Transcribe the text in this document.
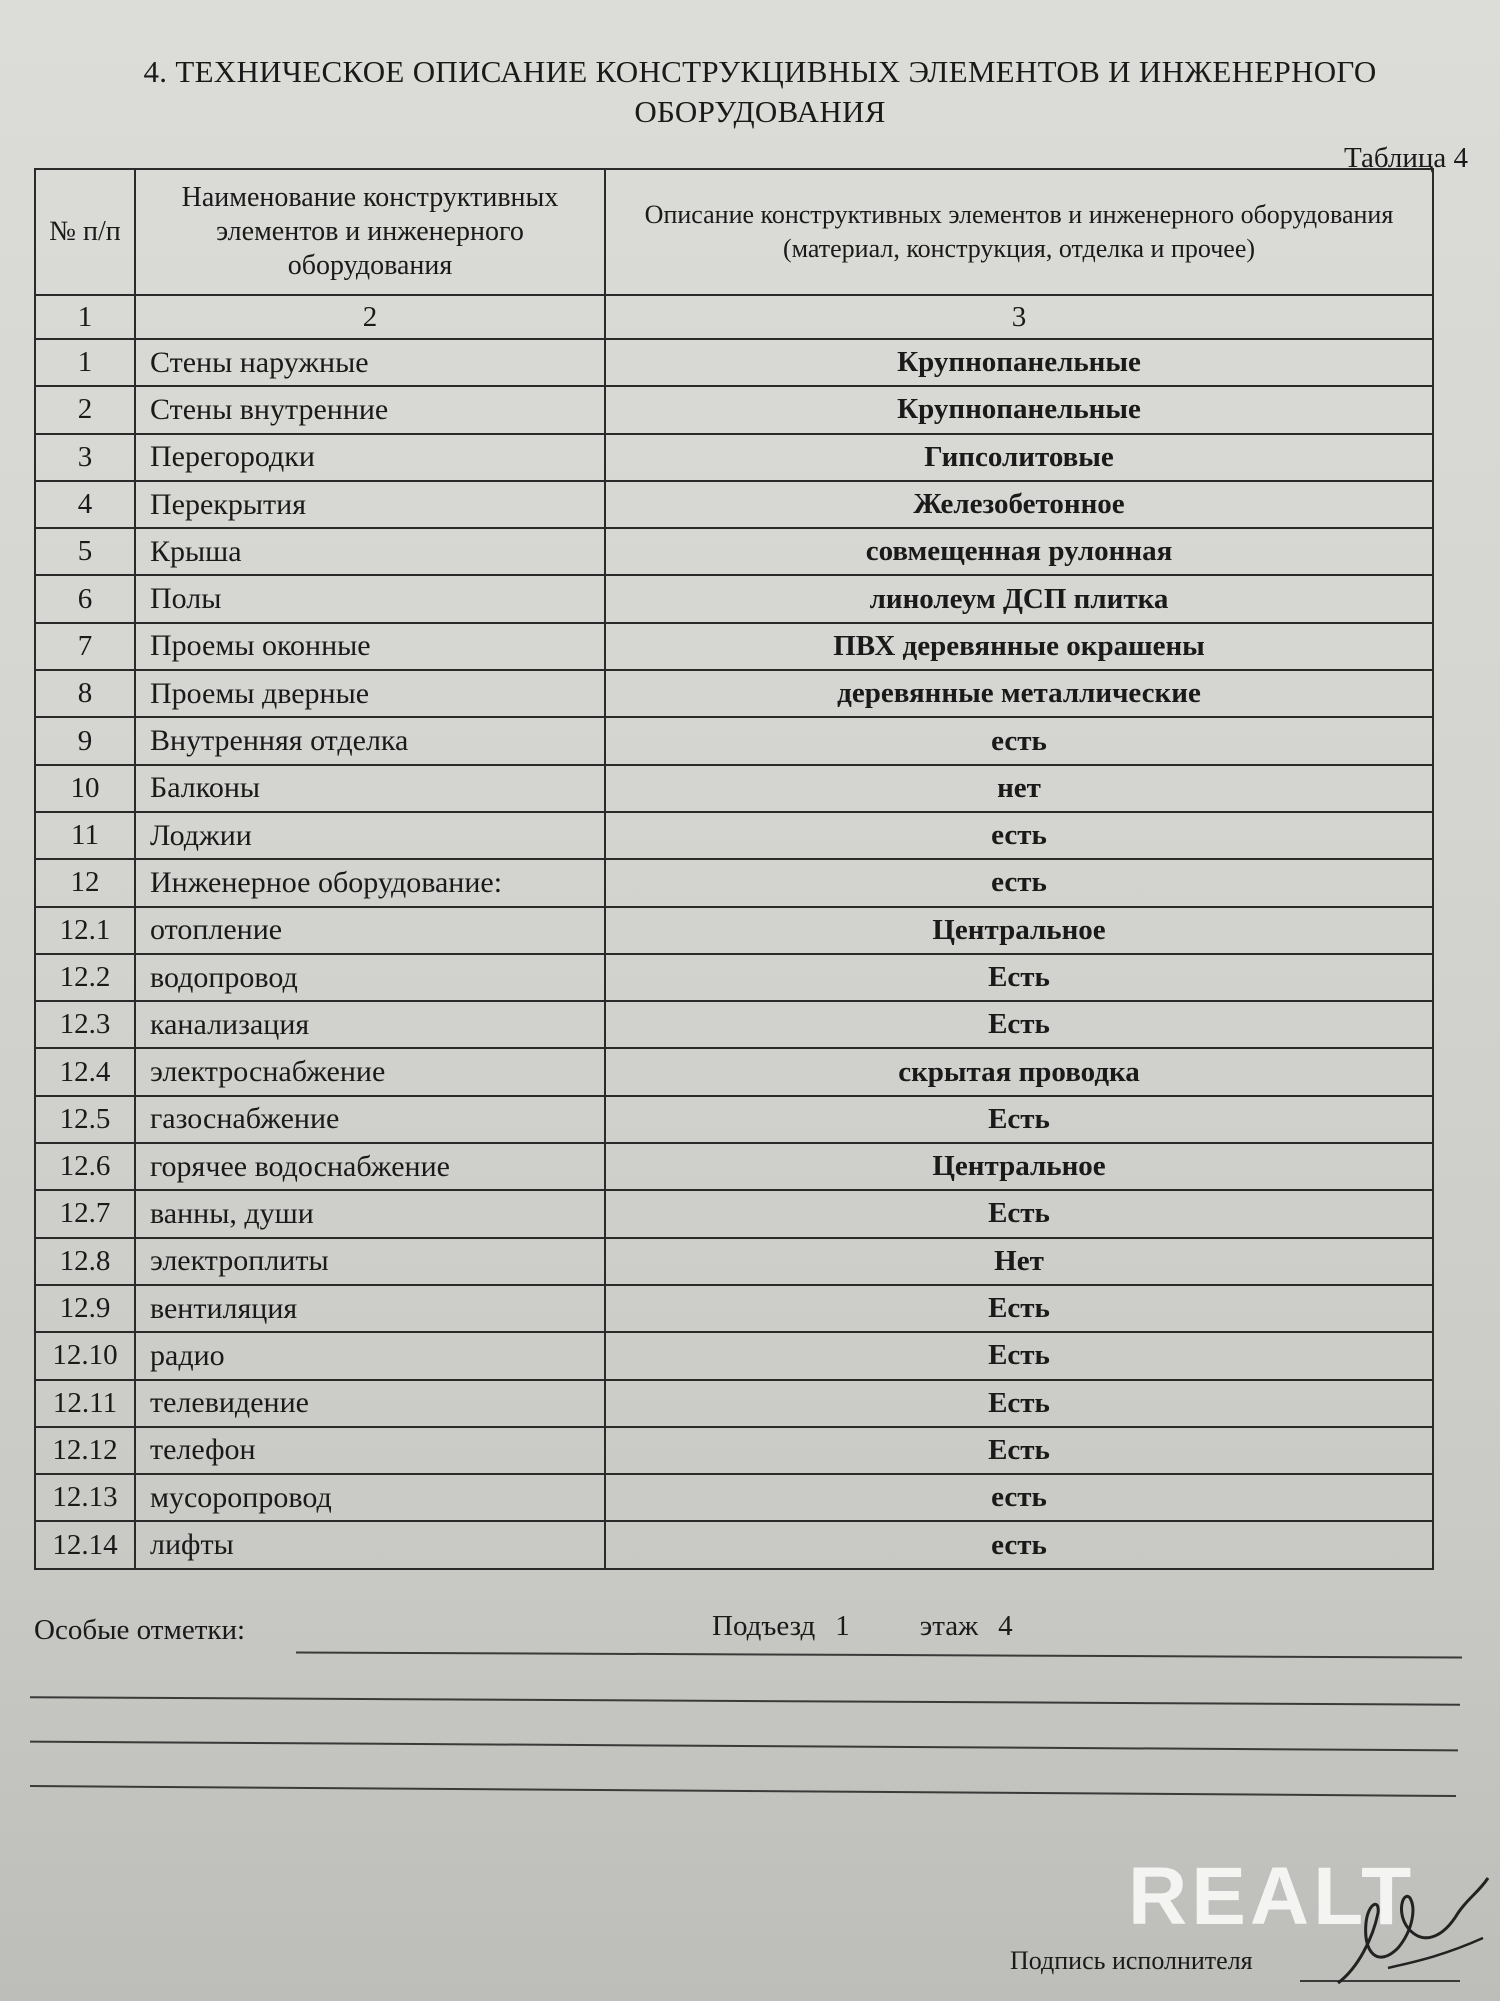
4. ТЕХНИЧЕСКОЕ ОПИСАНИЕ КОНСТРУКЦИВНЫХ ЭЛЕМЕНТОВ И ИНЖЕНЕРНОГО
ОБОРУДОВАНИЯ
Таблица 4
№ п/п	Наименование конструктивных элементов и инженерного оборудования	Описание конструктивных элементов и инженерного оборудования (материал, конструкция, отделка и прочее)
1	2	3
1	Стены наружные	Крупнопанельные
2	Стены внутренние	Крупнопанельные
3	Перегородки	Гипсолитовые
4	Перекрытия	Железобетонное
5	Крыша	совмещенная рулонная
6	Полы	линолеум ДСП плитка
7	Проемы оконные	ПВХ деревянные окрашены
8	Проемы дверные	деревянные металлические
9	Внутренняя отделка	есть
10	Балконы	нет
11	Лоджии	есть
12	Инженерное оборудование:	есть
12.1	отопление	Центральное
12.2	водопровод	Есть
12.3	канализация	Есть
12.4	электроснабжение	скрытая проводка
12.5	газоснабжение	Есть
12.6	горячее водоснабжение	Центральное
12.7	ванны, души	Есть
12.8	электроплиты	Нет
12.9	вентиляция	Есть
12.10	радио	Есть
12.11	телевидение	Есть
12.12	телефон	Есть
12.13	мусоропровод	есть
12.14	лифты	есть
Особые отметки:	Подъезд 1 этаж 4
REALT
Подпись исполнителя
